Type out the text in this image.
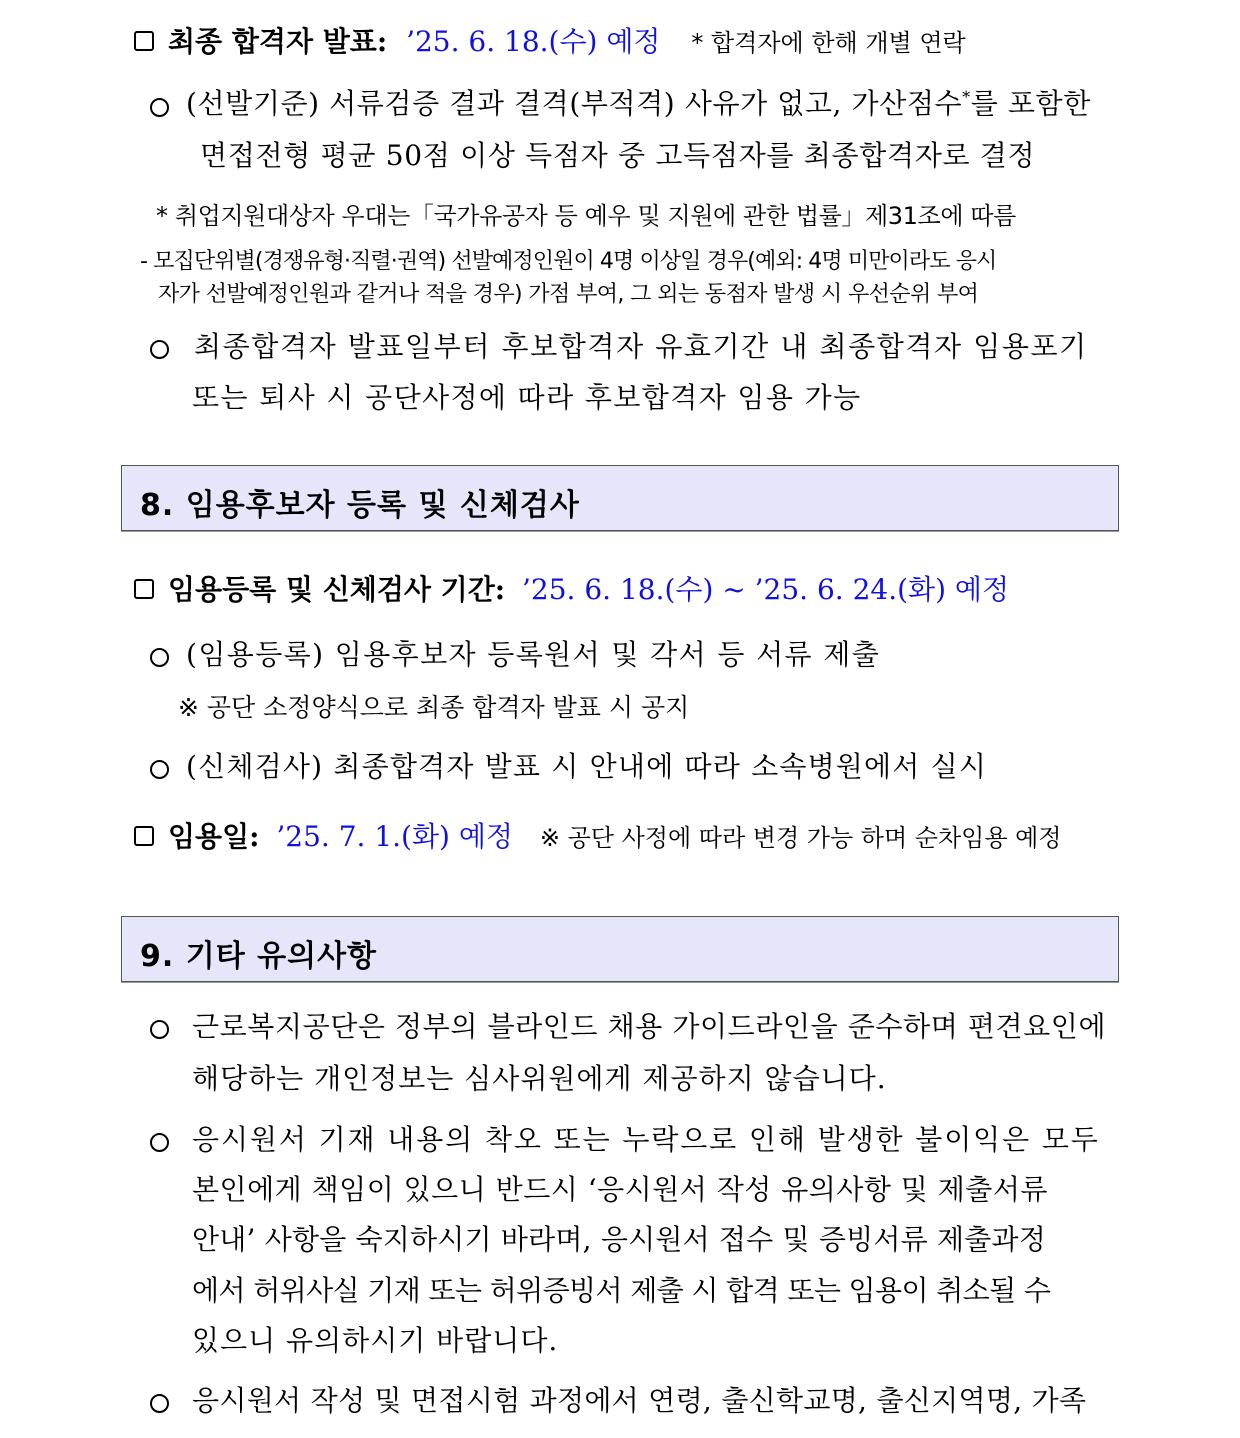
최종 합격자 발표: ’25. 6. 18.(수) 예정 * 합격자에 한해 개별 연락
(선발기준) 서류검증 결과 결격(부적격) 사유가 없고, 가산점수*를 포함한
면접전형 평균 50점 이상 득점자 중 고득점자를 최종합격자로 결정
* 취업지원대상자 우대는「국가유공자 등 예우 및 지원에 관한 법률」제31조에 따름
- 모집단위별(경쟁유형·직렬·권역) 선발예정인원이 4명 이상일 경우(예외: 4명 미만이라도 응시
자가 선발예정인원과 같거나 적을 경우) 가점 부여, 그 외는 동점자 발생 시 우선순위 부여
최종합격자 발표일부터 후보합격자 유효기간 내 최종합격자 임용포기
또는 퇴사 시 공단사정에 따라 후보합격자 임용 가능
8. 임용후보자 등록 및 신체검사
임용등록 및 신체검사 기간: ’25. 6. 18.(수) ~ ’25. 6. 24.(화) 예정
(임용등록) 임용후보자 등록원서 및 각서 등 서류 제출
※ 공단 소정양식으로 최종 합격자 발표 시 공지
(신체검사) 최종합격자 발표 시 안내에 따라 소속병원에서 실시
임용일: ’25. 7. 1.(화) 예정 ※ 공단 사정에 따라 변경 가능 하며 순차임용 예정
9. 기타 유의사항
근로복지공단은 정부의 블라인드 채용 가이드라인을 준수하며 편견요인에
해당하는 개인정보는 심사위원에게 제공하지 않습니다.
응시원서 기재 내용의 착오 또는 누락으로 인해 발생한 불이익은 모두
본인에게 책임이 있으니 반드시 ‘응시원서 작성 유의사항 및 제출서류
안내’ 사항을 숙지하시기 바라며, 응시원서 접수 및 증빙서류 제출과정
에서 허위사실 기재 또는 허위증빙서 제출 시 합격 또는 임용이 취소될 수
있으니 유의하시기 바랍니다.
응시원서 작성 및 면접시험 과정에서 연령, 출신학교명, 출신지역명, 가족
